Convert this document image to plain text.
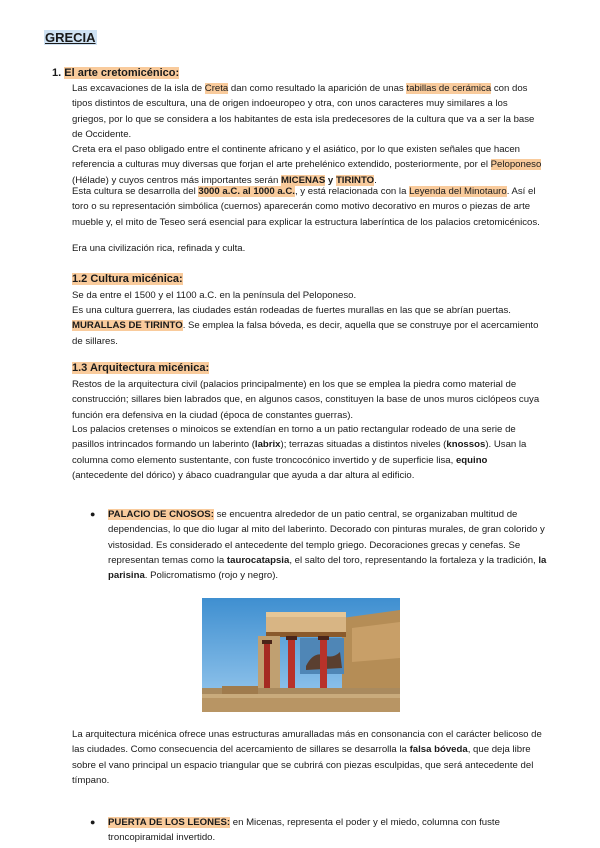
GRECIA
1. El arte cretomicénico:

Las excavaciones de la isla de Creta dan como resultado la aparición de unas tabillas de cerámica con dos tipos distintos de escultura, una de origen indoeuropeo y otra, con unos caracteres muy similares a los griegos, por lo que se considera a los habitantes de esta isla predecesores de la cultura que va a ser la base de Occidente.

Creta era el paso obligado entre el continente africano y el asiático, por lo que existen señales que hacen referencia a culturas muy diversas que forjan el arte prehelénico extendido, posteriormente, por el Peloponeso (Hélade) y cuyos centros más importantes serán MICENAS y TIRINTO.

Esta cultura se desarrolla del 3000 a.C. al 1000 a.C., y está relacionada con la Leyenda del Minotauro. Así el toro o su representación simbólica (cuernos) aparecerán como motivo decorativo en muros o piezas de arte mueble y, el mito de Teseo será esencial para explicar la estructura laberíntica de los palacios cretomicénicos.

Era una civilización rica, refinada y culta.

1.2 Cultura micénica:

Se da entre el 1500 y el 1100 a.C. en la península del Peloponeso.

Es una cultura guerrera, las ciudades están rodeadas de fuertes murallas en las que se abrían puertas. MURALLAS DE TIRINTO. Se emplea la falsa bóveda, es decir, aquella que se construye por el acercamiento de sillares.

1.3 Arquitectura micénica:

Restos de la arquitectura civil (palacios principalmente) en los que se emplea la piedra como material de construcción; sillares bien labrados que, en algunos casos, constituyen la base de unos muros ciclópeos cuya función era defensiva en la ciudad (época de constantes guerras).

Los palacios cretenses o minoicos se extendían en torno a un patio rectangular rodeado de una serie de pasillos intrincados formando un laberinto (labrix); terrazas situadas a distintos niveles (knossos). Usan la columna como elemento sustentante, con fuste troncocónico invertido y de superficie lisa, equino (antecedente del dórico) y ábaco cuadrangular que ayuda a dar altura al edificio.

● PALACIO DE CNOSOS: se encuentra alrededor de un patio central, se organizaban multitud de dependencias, lo que dio lugar al mito del laberinto. Decorado con pinturas murales, de gran colorido y vistosidad. Es considerado el antecedente del templo griego. Decoraciones grecas y cenefas. Se representan temas como la taurocatapsia, el salto del toro, representando la fortaleza y la tradición, la parisina. Policromatismo (rojo y negro).

La arquitectura micénica ofrece unas estructuras amuralladas más en consonancia con el carácter belicoso de las ciudades. Como consecuencia del acercamiento de sillares se desarrolla la falsa bóveda, que deja libre sobre el vano principal un espacio triangular que se cubrirá con piezas esculpidas, que será antecedente del tímpano.

● PUERTA DE LOS LEONES: en Micenas, representa el poder y el miedo, columna con fuste troncopiramidal invertido.
